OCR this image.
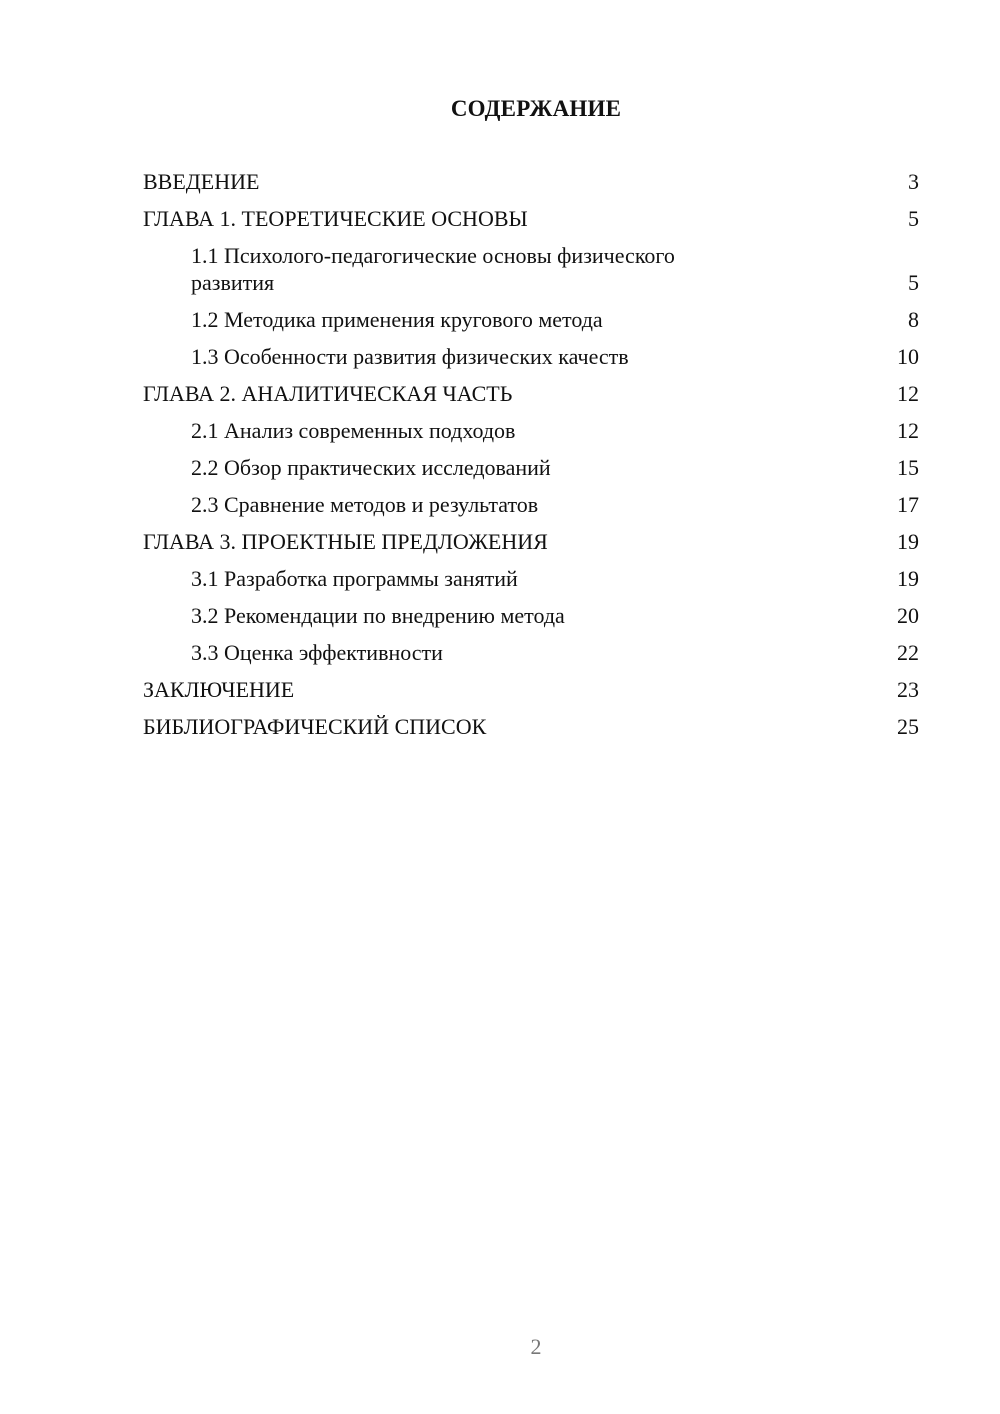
СОДЕРЖАНИЕ
ВВЕДЕНИЕ	3
ГЛАВА 1. ТЕОРЕТИЧЕСКИЕ ОСНОВЫ	5
1.1 Психолого-педагогические основы физического развития	5
1.2 Методика применения кругового метода	8
1.3 Особенности развития физических качеств	10
ГЛАВА 2. АНАЛИТИЧЕСКАЯ ЧАСТЬ	12
2.1 Анализ современных подходов	12
2.2 Обзор практических исследований	15
2.3 Сравнение методов и результатов	17
ГЛАВА 3. ПРОЕКТНЫЕ ПРЕДЛОЖЕНИЯ	19
3.1 Разработка программы занятий	19
3.2 Рекомендации по внедрению метода	20
3.3 Оценка эффективности	22
ЗАКЛЮЧЕНИЕ	23
БИБЛИОГРАФИЧЕСКИЙ СПИСОК	25
2
